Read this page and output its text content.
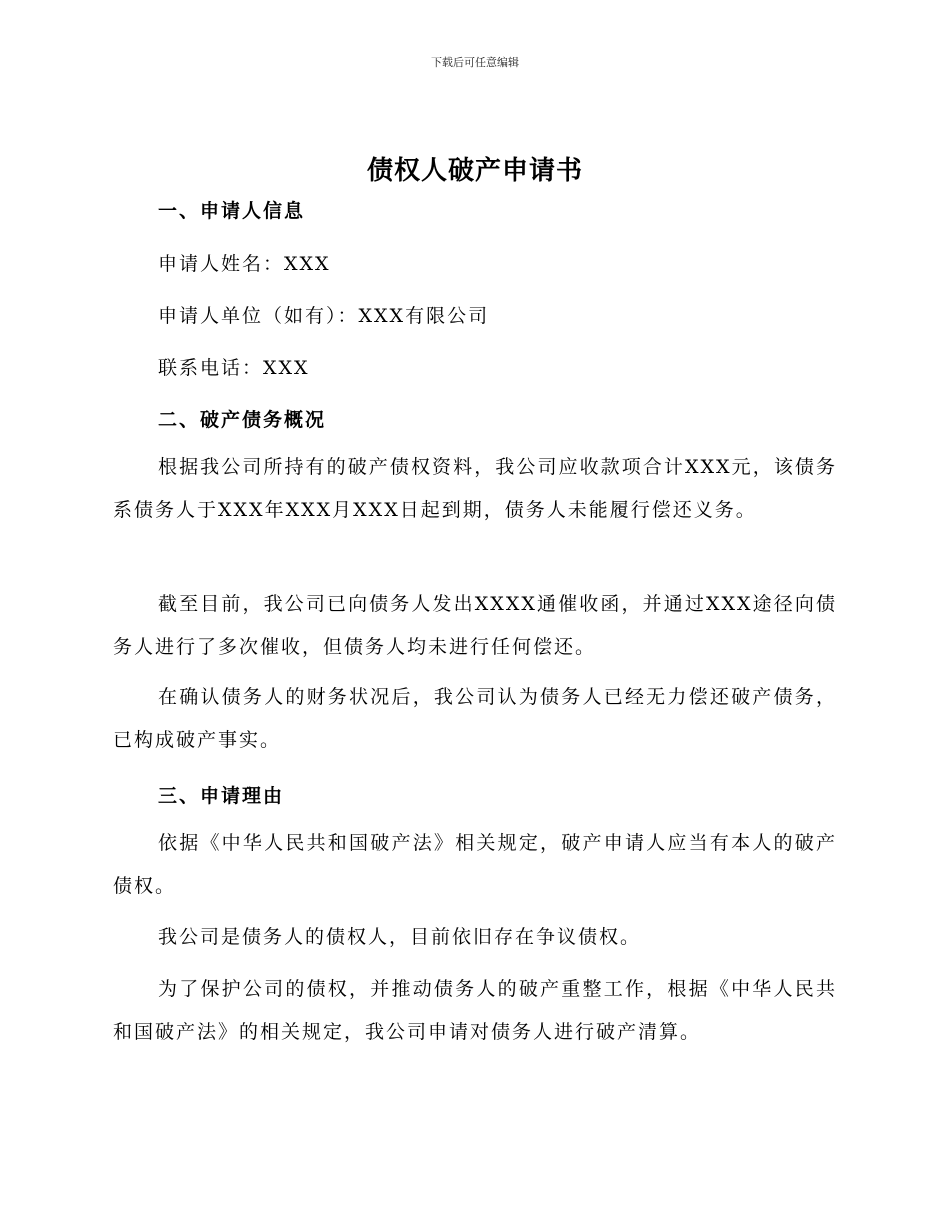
下载后可任意编辑
债权人破产申请书
一、申请人信息

申请人姓名：XXX

申请人单位（如有）：XXX有限公司

联系电话：XXX

二、破产债务概况

根据我公司所持有的破产债权资料，我公司应收款项合计XXX元，该债务系债务人于XXX年XXX月XXX日起到期，债务人未能履行偿还义务。

截至目前，我公司已向债务人发出XXXX通催收函，并通过XXX途径向债务人进行了多次催收，但债务人均未进行任何偿还。

在确认债务人的财务状况后，我公司认为债务人已经无力偿还破产债务，已构成破产事实。

三、申请理由

依据《中华人民共和国破产法》相关规定，破产申请人应当有本人的破产债权。

我公司是债务人的债权人，目前依旧存在争议债权。

为了保护公司的债权，并推动债务人的破产重整工作，根据《中华人民共和国破产法》的相关规定，我公司申请对债务人进行破产清算。
